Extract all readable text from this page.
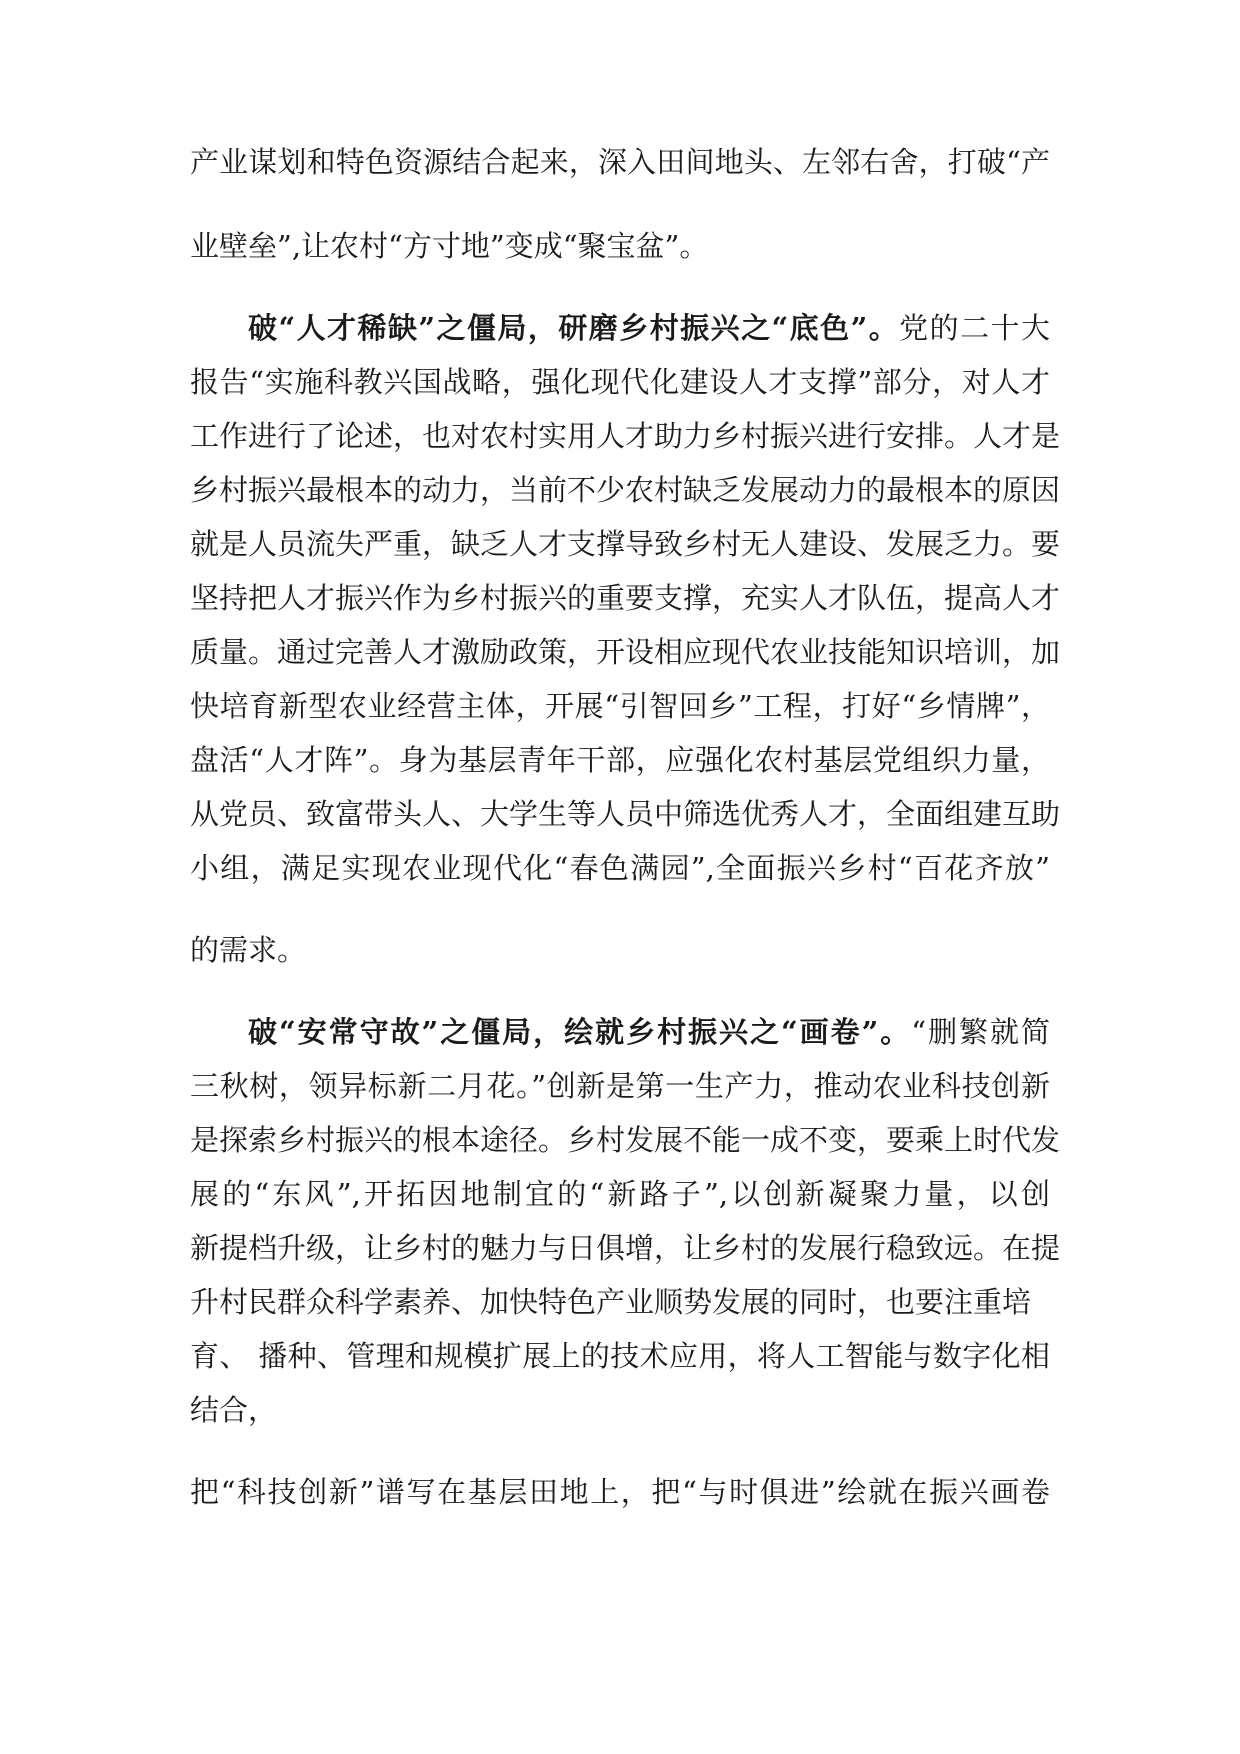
产业谋划和特色资源结合起来，深入田间地头、左邻右舍，打破“产
业壁垒”,让农村“方寸地”变成“聚宝盆”。
破“人才稀缺”之僵局，研磨乡村振兴之“底色”。党的二十大
报告“实施科教兴国战略，强化现代化建设人才支撑”部分，对人才
工作进行了论述，也对农村实用人才助力乡村振兴进行安排。人才是
乡村振兴最根本的动力，当前不少农村缺乏发展动力的最根本的原因
就是人员流失严重，缺乏人才支撑导致乡村无人建设、发展乏力。要
坚持把人才振兴作为乡村振兴的重要支撑，充实人才队伍，提高人才
质量。通过完善人才激励政策，开设相应现代农业技能知识培训，加
快培育新型农业经营主体，开展“引智回乡”工程，打好“乡情牌”，
盘活“人才阵”。身为基层青年干部，应强化农村基层党组织力量，
从党员、致富带头人、大学生等人员中筛选优秀人才，全面组建互助
小组，满足实现农业现代化“春色满园”,全面振兴乡村“百花齐放”
的需求。
破“安常守故”之僵局，绘就乡村振兴之“画卷”。“删繁就简
三秋树，领异标新二月花。”创新是第一生产力，推动农业科技创新
是探索乡村振兴的根本途径。乡村发展不能一成不变，要乘上时代发
展的“东风”,开拓因地制宜的“新路子”,以创新凝聚力量，以创
新提档升级，让乡村的魅力与日俱增，让乡村的发展行稳致远。在提
升村民群众科学素养、加快特色产业顺势发展的同时，也要注重培
育、 播种、管理和规模扩展上的技术应用，将人工智能与数字化相
结合，
把“科技创新”谱写在基层田地上，把“与时俱进”绘就在振兴画卷
